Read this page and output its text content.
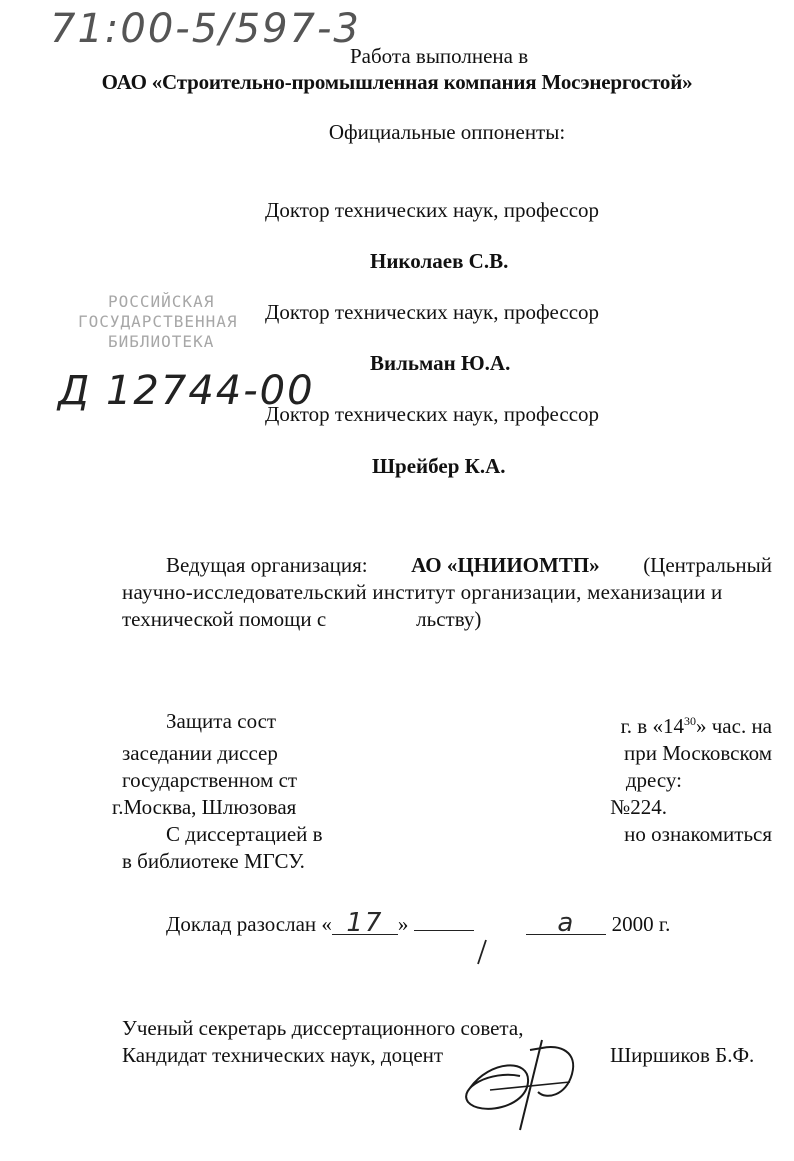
71:00-5/597-3
Работа выполнена в
ОАО «Строительно-промышленная компания Мосэнергостой»
Официальные оппоненты:
Доктор технических наук, профессор
Николаев С.В.
Доктор технических наук, профессор
Вильман Ю.А.
Доктор технических наук, профессор
Шрейбер К.А.
РОССИЙСКАЯ
ГОСУДАРСТВЕННАЯ
БИБЛИОТЕКА
Д 12744-00
Ведущая организация: АО «ЦНИИОМТП» (Центральный
научно-исследовательский институт организации, механизации и
технической помощи с	льству)
Защита сост	г. в «$14^{30}$» час. на
заседании диссер	при Московском
государственном ст	дресу:
г.Москва, Шлюзовая	№224.
С диссертацией в	но ознакомиться
в библиотеке МГСУ.
Доклад разослан « 17 »	а 2000 г.
Ученый секретарь диссертационного совета,
Кандидат технических наук, доцент	Ширшиков Б.Ф.
